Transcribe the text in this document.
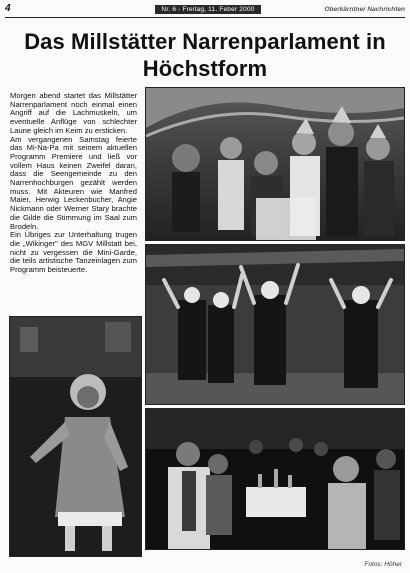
4	Nr. 6 - Freitag, 11. Feber 2000	Oberkärntner Nachrichten
Das Millstätter Narrenparlament in Höchstform

Morgen abend startet das Millstätter Narrenparlament noch einmal einen Angriff auf die Lachmuskeln, um eventuelle Anflüge von schlechter Laune gleich im Keim zu ersticken.

Am vergangenen Samstag feierte das Mi-Na-Pa mit seinem aktuellen Programm Premiere und ließ vor vollem Haus keinen Zweifel daran, dass die Seengemeinde zu den Narrenhochburgen gezählt werden muss. Mit Akteuren wie Manfred Maier, Herwig Leckenbucher, Angie Nickmann oder Werner Stary brachte die Gilde die Stimmung im Saal zum Brodeln.

Ein Übriges zur Unterhaltung trugen die „Wikinger" des MGV Millstatt bei, nicht zu vergessen die Mini-Garde, die teils artistische Tanzeinlagen zum Programm beisteuerte.

Fotos: Höher
